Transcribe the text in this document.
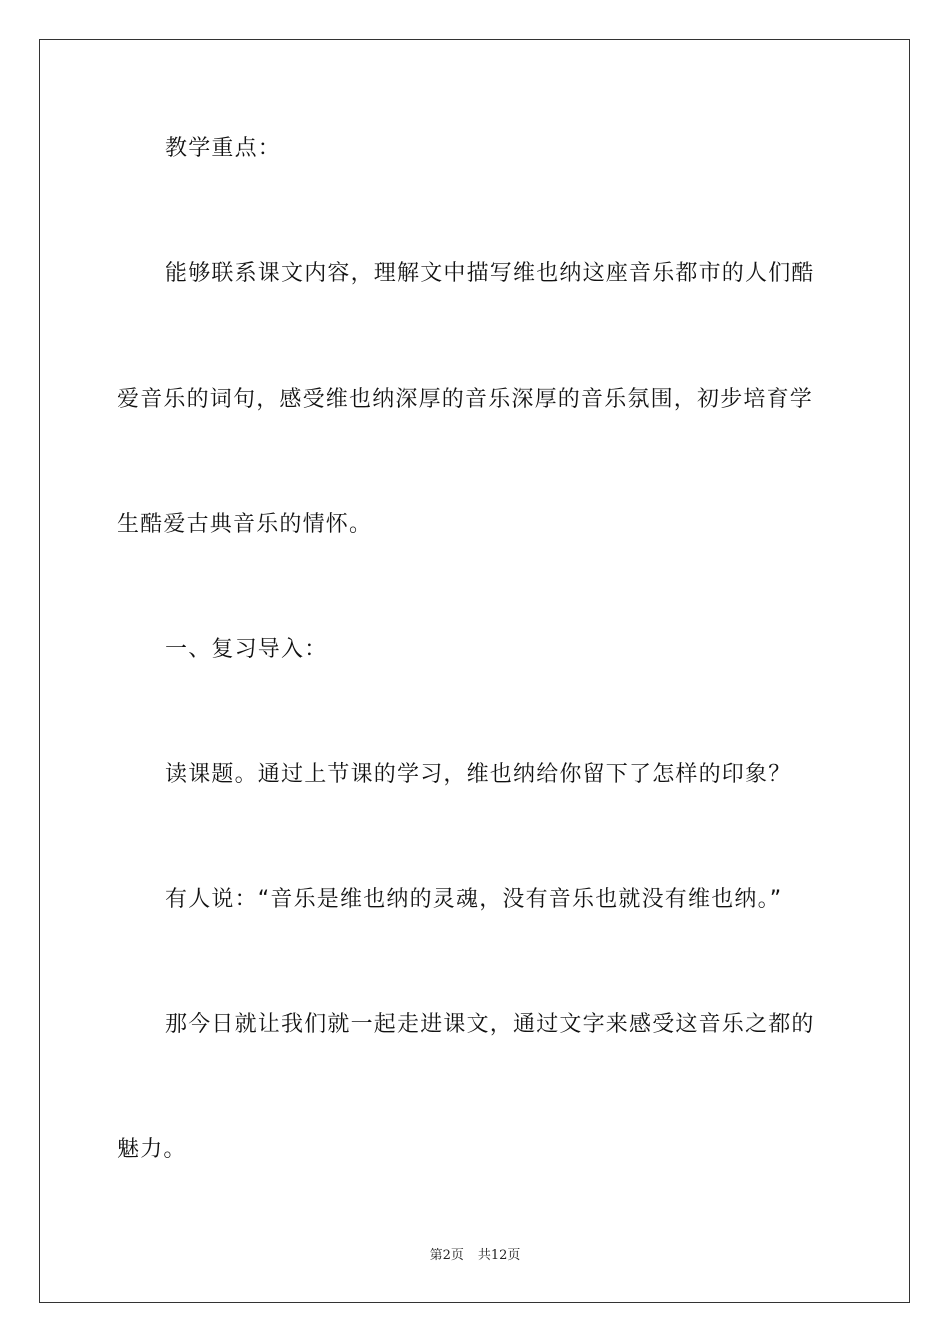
教学重点：
能够联系课文内容，理解文中描写维也纳这座音乐都市的人们酷
爱音乐的词句，感受维也纳深厚的音乐深厚的音乐氛围，初步培育学
生酷爱古典音乐的情怀。
一、复习导入：
读课题。通过上节课的学习，维也纳给你留下了怎样的印象？
有人说：“音乐是维也纳的灵魂，没有音乐也就没有维也纳。”
那今日就让我们就一起走进课文，通过文字来感受这音乐之都的
魅力。
第2页 共12页
